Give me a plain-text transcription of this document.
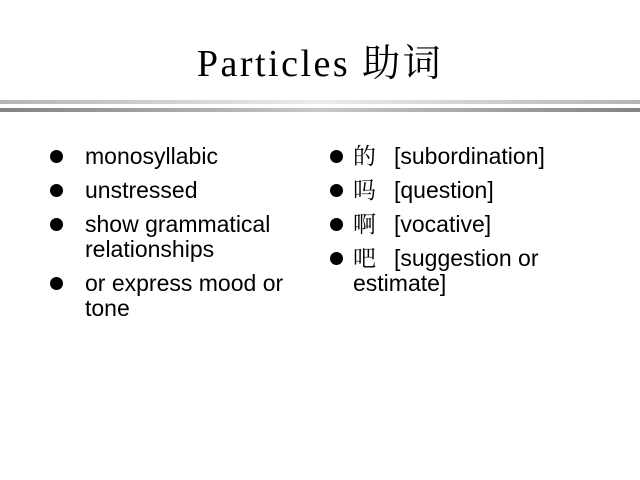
Particles 助词
monosyllabic
unstressed
show grammatical relationships
or express mood or tone
的 [subordination]
吗 [question]
啊 [vocative]
吧 [suggestion or estimate]
